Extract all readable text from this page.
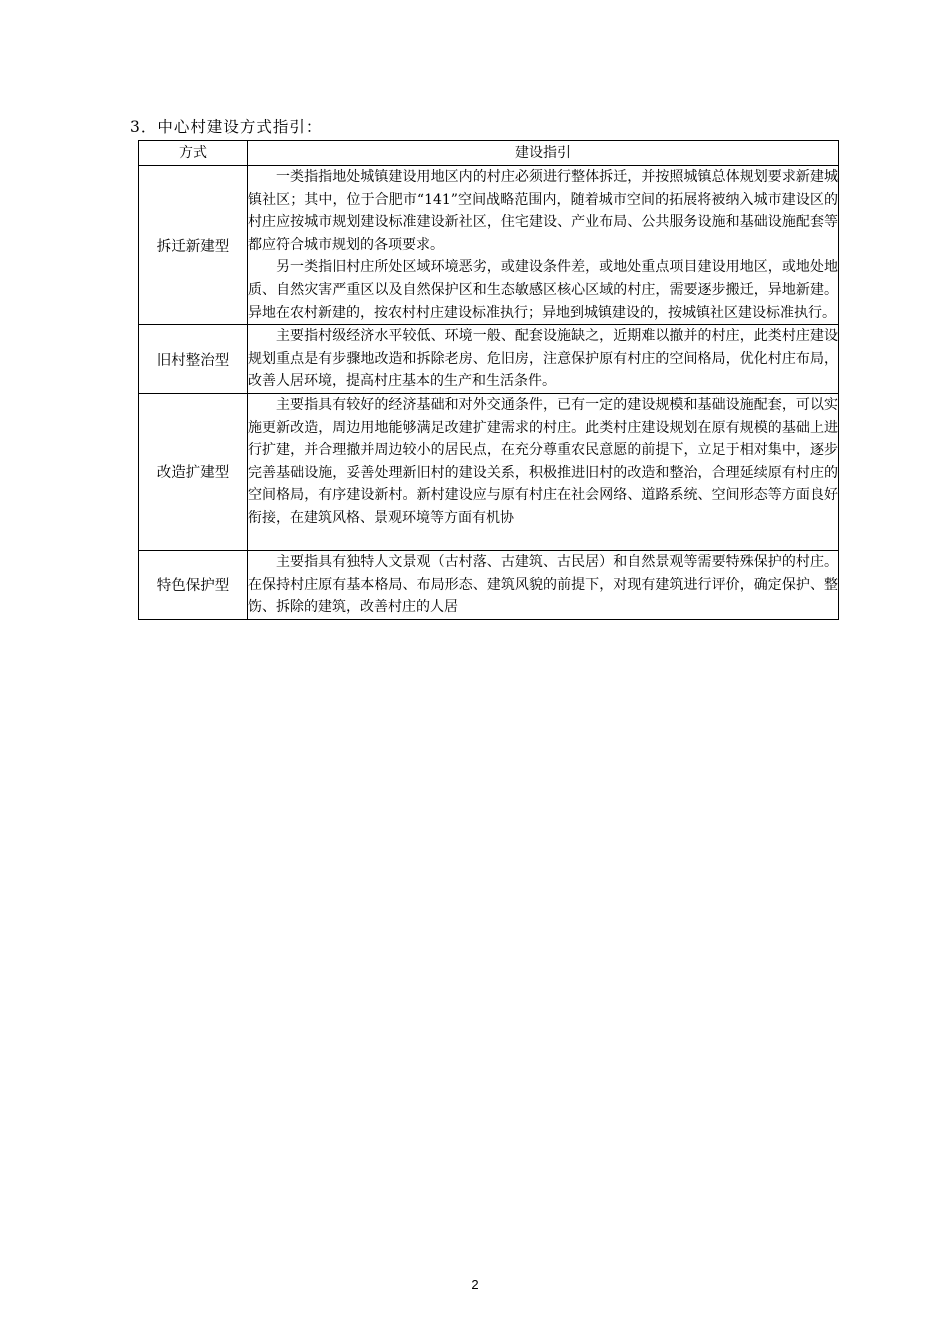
3．中心村建设方式指引：
方式	建设指引
拆迁新建型	一类指指地处城镇建设用地区内的村庄必须进行整体拆迁，并按照城镇总体规划要求新建城镇社区；其中，位于合肥市“141”空间战略范围内，随着城市空间的拓展将被纳入城市建设区的村庄应按城市规划建设标准建设新社区，住宅建设、产业布局、公共服务设施和基础设施配套等都应符合城市规划的各项要求。

另一类指旧村庄所处区域环境恶劣，或建设条件差，或地处重点项目建设用地区，或地处地质、自然灾害严重区以及自然保护区和生态敏感区核心区域的村庄，需要逐步搬迁，异地新建。异地在农村新建的，按农村村庄建设标准执行；异地到城镇建设的，按城镇社区建设标准执行。

旧村整治型	主要指村级经济水平较低、环境一般、配套设施缺之，近期难以撤并的村庄，此类村庄建设规划重点是有步骤地改造和拆除老房、危旧房，注意保护原有村庄的空间格局，优化村庄布局，改善人居环境，提高村庄基本的生产和生活条件。

改造扩建型	主要指具有较好的经济基础和对外交通条件，已有一定的建设规模和基础设施配套，可以实施更新改造，周边用地能够满足改建扩建需求的村庄。此类村庄建设规划在原有规模的基础上进行扩建，并合理撤并周边较小的居民点，在充分尊重农民意愿的前提下，立足于相对集中，逐步完善基础设施，妥善处理新旧村的建设关系，积极推进旧村的改造和整治，合理延续原有村庄的空间格局，有序建设新村。新村建设应与原有村庄在社会网络、道路系统、空间形态等方面良好衔接，在建筑风格、景观环境等方面有机协

特色保护型	主要指具有独特人文景观（古村落、古建筑、古民居）和自然景观等需要特殊保护的村庄。在保持村庄原有基本格局、布局形态、建筑风貌的前提下，对现有建筑进行评价，确定保护、整饬、拆除的建筑，改善村庄的人居

2
